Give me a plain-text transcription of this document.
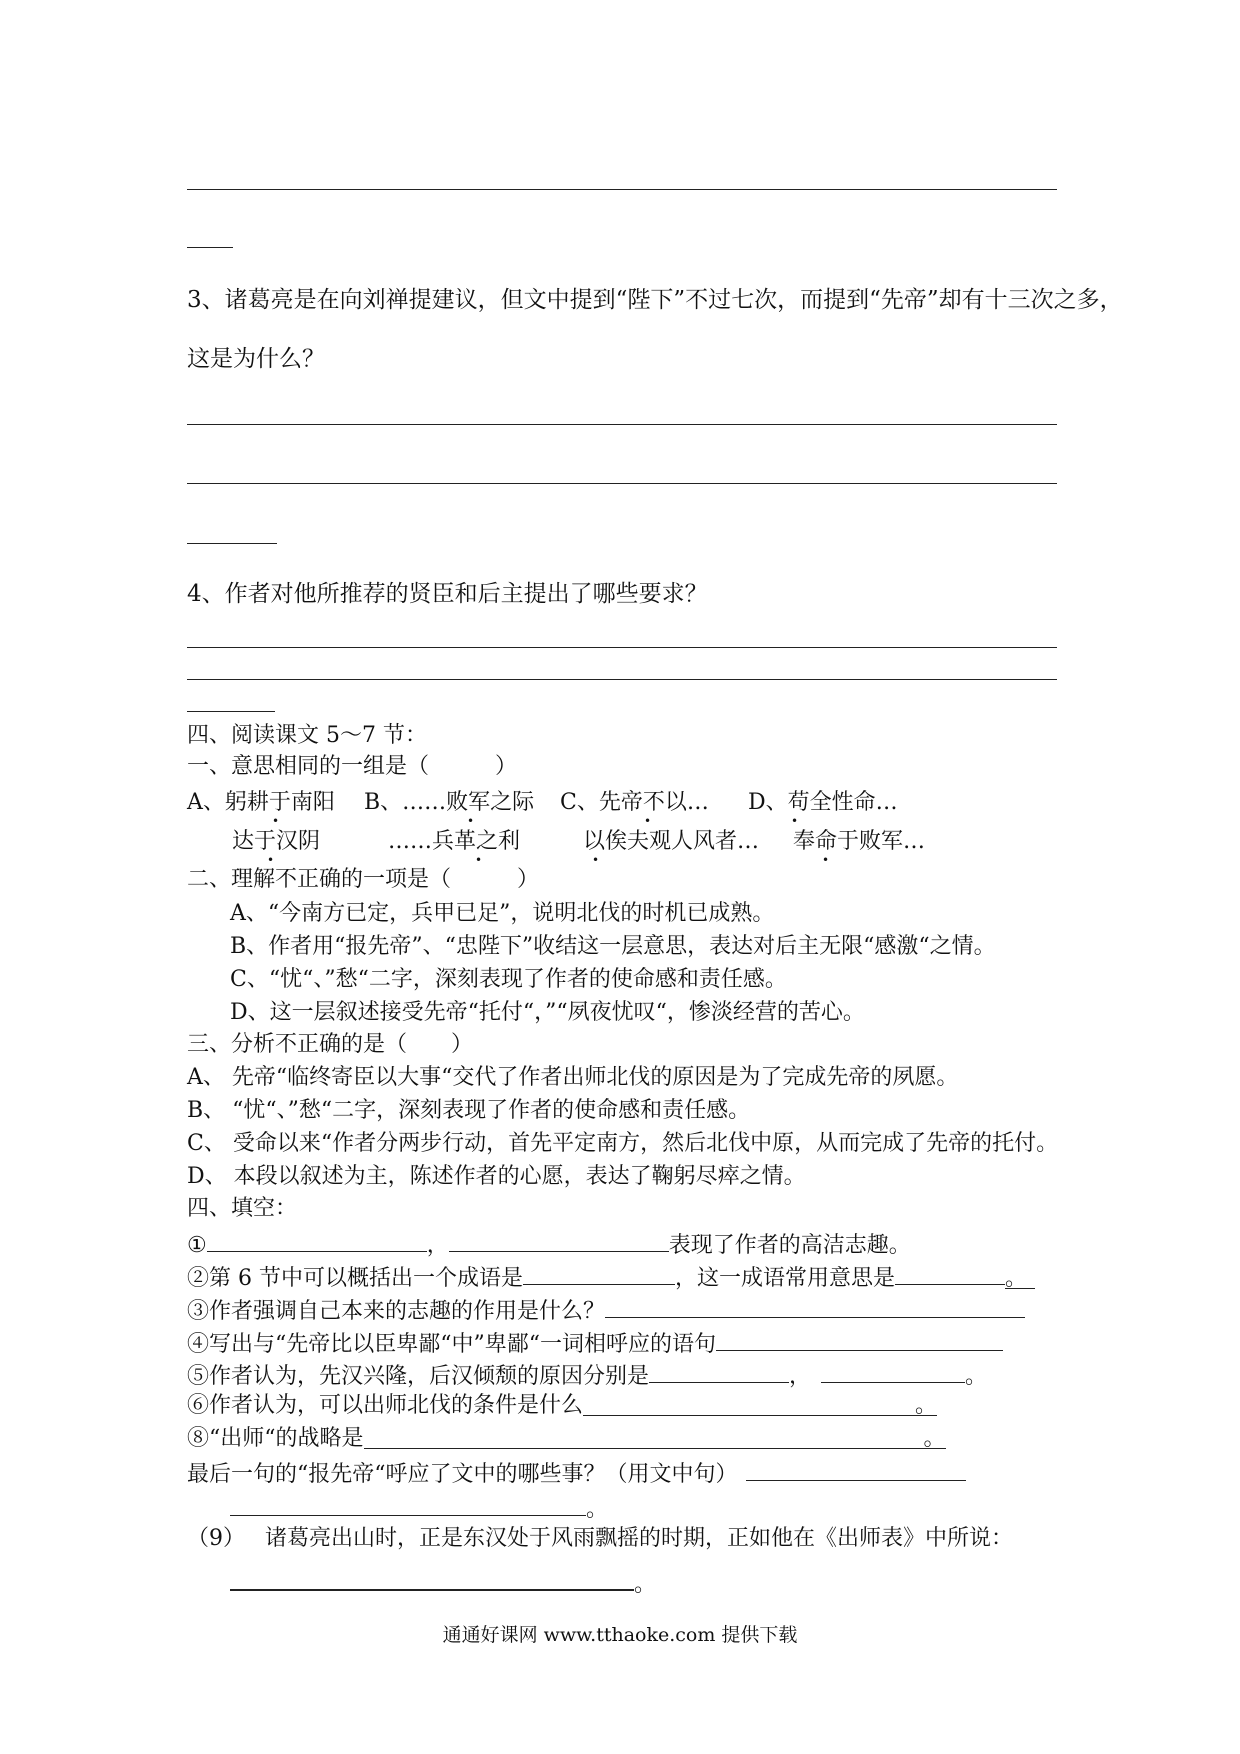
3、诸葛亮是在向刘禅提建议，但文中提到“陛下”不过七次，而提到“先帝”却有十三次之多，
这是为什么？
4、作者对他所推荐的贤臣和后主提出了哪些要求？
四、阅读课文 5～7 节：
一、意思相同的一组是（　　　）
A、躬耕于南阳 B、……败军之际 C、先帝不以… D、苟全性命…
•	•	•	•
达于汉阴	……兵革之利	以俟夫观人风者… 奉命于败军…
•	•	•	•
二、理解不正确的一项是（　　　）
A、“今南方已定，兵甲已足”，说明北伐的时机已成熟。
B、作者用“报先帝”、“忠陛下”收结这一层意思，表达对后主无限“感激“之情。
C、“忧“、”愁“二字，深刻表现了作者的使命感和责任感。
D、这一层叙述接受先帝“托付“，”“夙夜忧叹“，惨淡经营的苦心。
三、分析不正确的是（　　）
A、 先帝“临终寄臣以大事“交代了作者出师北伐的原因是为了完成先帝的夙愿。
B、 “忧“、”愁“二字，深刻表现了作者的使命感和责任感。
C、 受命以来“作者分两步行动，首先平定南方，然后北伐中原，从而完成了先帝的托付。
D、 本段以叙述为主，陈述作者的心愿，表达了鞠躬尽瘁之情。
四、填空：
①	，	表现了作者的高洁志趣。
②第 6 节中可以概括出一个成语是	，这一成语常用意思是	。
③作者强调自己本来的志趣的作用是什么？
④写出与“先帝比以臣卑鄙“中”卑鄙“一词相呼应的语句
⑤作者认为，先汉兴隆，后汉倾颓的原因分别是	，	。
⑥作者认为，可以出师北伐的条件是什么	。
⑧“出师“的战略是	。
最后一句的“报先帝“呼应了文中的哪些事？（用文中句）
。
（9） 诸葛亮出山时，正是东汉处于风雨飘摇的时期，正如他在《出师表》中所说：
。
通通好课网 www.tthaoke.com 提供下载
